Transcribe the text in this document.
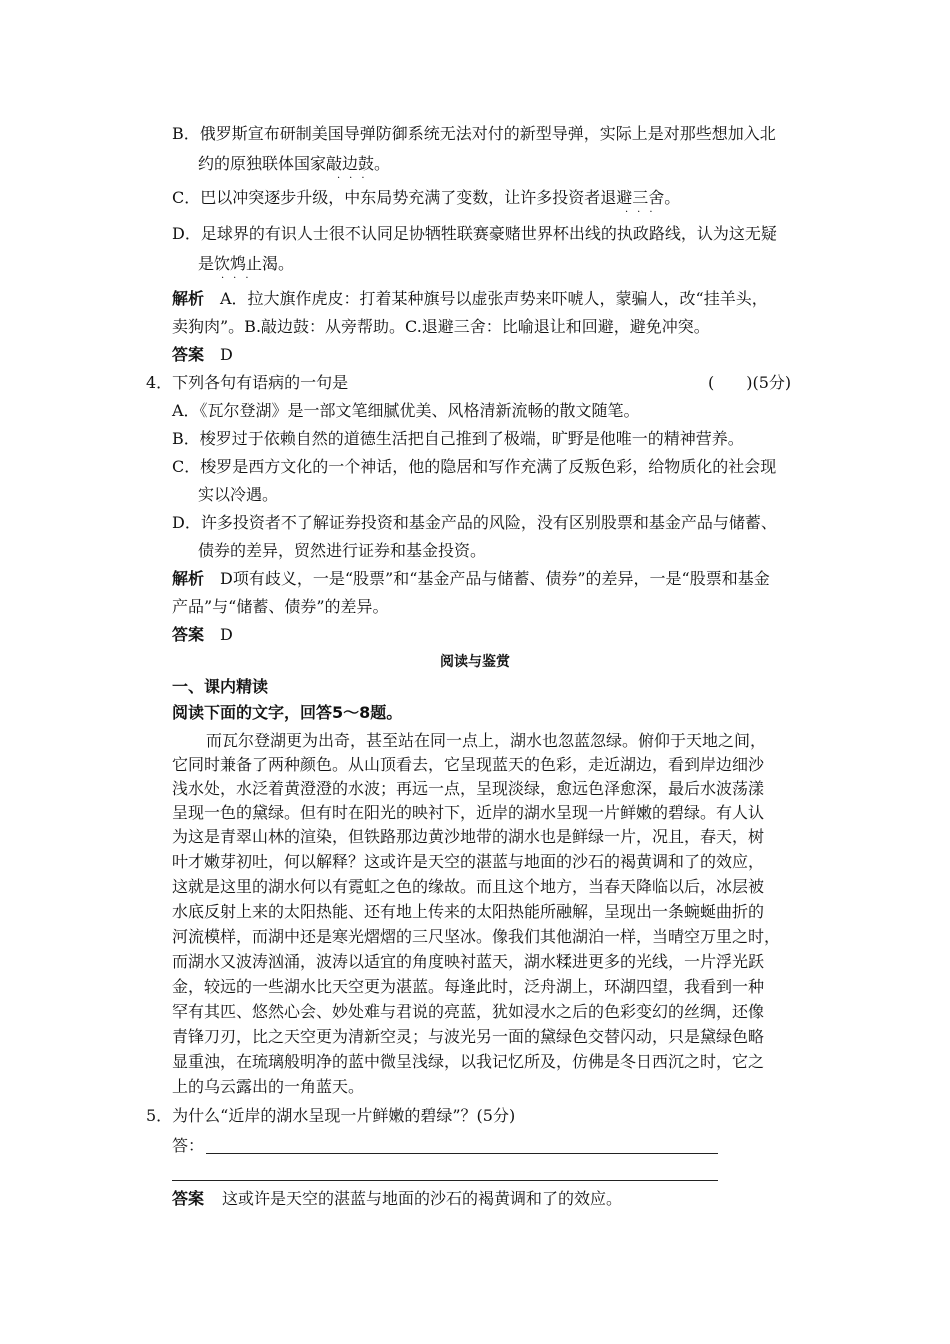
B．俄罗斯宣布研制美国导弹防御系统无法对付的新型导弹，实际上是对那些想加入北
约的原独联体国家敲边鼓。
···
C．巴以冲突逐步升级，中东局势充满了变数，让许多投资者退避三舍。
···
D．足球界的有识人士很不认同足协牺牲联赛豪赌世界杯出线的执政路线，认为这无疑
是饮鸩止渴。
···
解析 A．拉大旗作虎皮：打着某种旗号以虚张声势来吓唬人，蒙骗人，改“挂羊头，
卖狗肉”。B.敲边鼓：从旁帮助。C.退避三舍：比喻退让和回避，避免冲突。
答案 D
4．下列各句有语病的一句是	(　　)(5分)
A．《瓦尔登湖》是一部文笔细腻优美、风格清新流畅的散文随笔。
B．梭罗过于依赖自然的道德生活把自己推到了极端，旷野是他唯一的精神营养。
C．梭罗是西方文化的一个神话，他的隐居和写作充满了反叛色彩，给物质化的社会现
实以冷遇。
D．许多投资者不了解证券投资和基金产品的风险，没有区别股票和基金产品与储蓄、
债券的差异，贸然进行证券和基金投资。
解析 D项有歧义，一是“股票”和“基金产品与储蓄、债券”的差异，一是“股票和基金
产品”与“储蓄、债券”的差异。
答案 D
阅读与鉴赏
一、课内精读
阅读下面的文字，回答5～8题。
而瓦尔登湖更为出奇，甚至站在同一点上，湖水也忽蓝忽绿。俯仰于天地之间，
它同时兼备了两种颜色。从山顶看去，它呈现蓝天的色彩，走近湖边，看到岸边细沙
浅水处，水泛着黄澄澄的水波；再远一点，呈现淡绿，愈远色泽愈深，最后水波荡漾
呈现一色的黛绿。但有时在阳光的映衬下，近岸的湖水呈现一片鲜嫩的碧绿。有人认
为这是青翠山林的渲染，但铁路那边黄沙地带的湖水也是鲜绿一片，况且，春天，树
叶才嫩芽初吐，何以解释？这或许是天空的湛蓝与地面的沙石的褐黄调和了的效应，
这就是这里的湖水何以有霓虹之色的缘故。而且这个地方，当春天降临以后，冰层被
水底反射上来的太阳热能、还有地上传来的太阳热能所融解，呈现出一条蜿蜒曲折的
河流模样，而湖中还是寒光熠熠的三尺坚冰。像我们其他湖泊一样，当晴空万里之时，
而湖水又波涛汹涌，波涛以适宜的角度映衬蓝天，湖水糅进更多的光线，一片浮光跃
金，较远的一些湖水比天空更为湛蓝。每逢此时，泛舟湖上，环湖四望，我看到一种
罕有其匹、悠然心会、妙处难与君说的亮蓝，犹如浸水之后的色彩变幻的丝绸，还像
青锋刀刃，比之天空更为清新空灵；与波光另一面的黛绿色交替闪动，只是黛绿色略
显重浊，在琉璃般明净的蓝中微呈浅绿，以我记忆所及，仿佛是冬日西沉之时，它之
上的乌云露出的一角蓝天。
5．为什么“近岸的湖水呈现一片鲜嫩的碧绿”？(5分)
答：
答案 这或许是天空的湛蓝与地面的沙石的褐黄调和了的效应。
